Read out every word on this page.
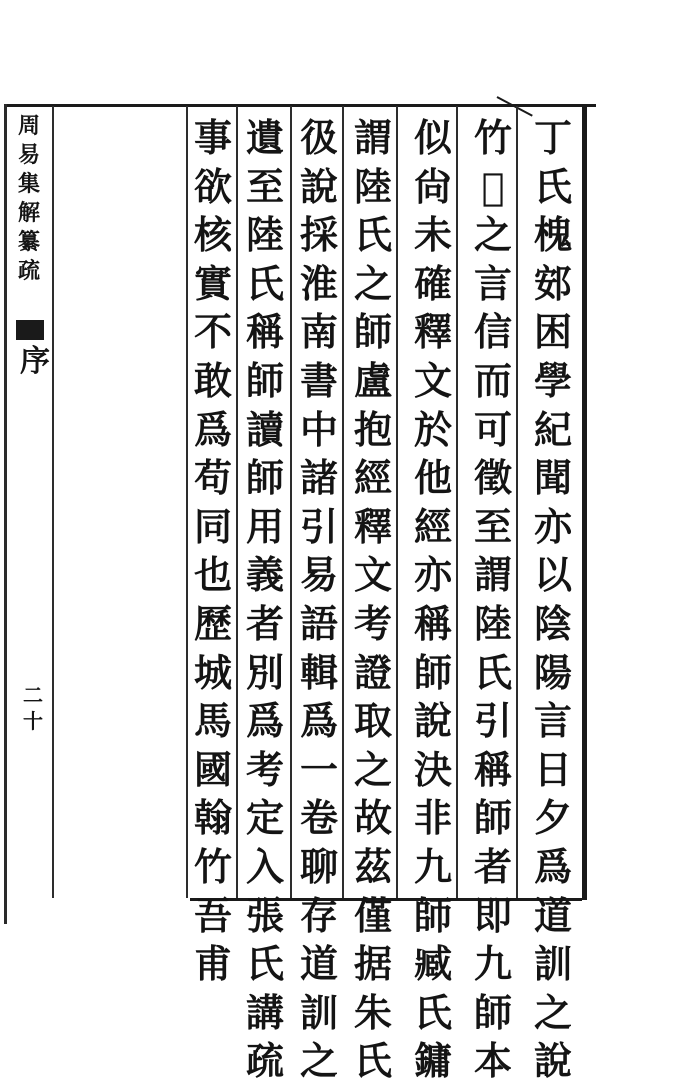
周
易
集
解
纂
疏
序
二
十
丁
氏
槐
䢿
困
學
紀
聞
亦
以
陰
陽
言
日
夕
爲
道
訓
之
說
竹
𡸝
之
言
信
而
可
徵
至
謂
陸
氏
引
稱
師
者
即
九
師
本
似
尙
未
確
釋
文
於
他
經
亦
稱
師
說
決
非
九
師
臧
氏
鏞
謂
陸
氏
之
師
盧
抱
經
釋
文
考
證
取
之
故
茲
僅
据
朱
氏
彶
說
採
淮
南
書
中
諸
引
易
語
輯
爲
一
卷
聊
存
道
訓
之
遺
至
陸
氏
稱
師
讀
師
用
義
者
別
爲
考
定
入
張
氏
講
疏
事
欲
核
實
不
敢
爲
苟
同
也
歷
城
馬
國
翰
竹
吾
甫
